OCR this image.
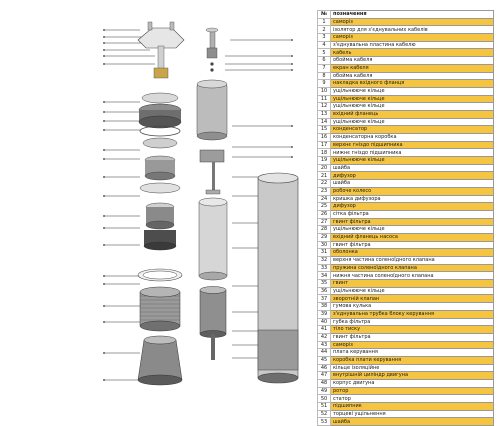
№	позначення
1	саморіз
2	ізолятор для з'єднувальних кабелів
3	саморіз
4	з'єднувальна пластина кабелю
5	кабель
6	обойма кабеля
7	екран кабеля
8	обойма кабеля
9	накладка вхідного фланця
10	ущільнююче кільце
11	ущільнююче кільце
12	ущільнююче кільце
13	вхідний фланець
14	ущільнююче кільце
15	конденсатор
16	конденсаторна коробка
17	верхнє гніздо підшипника
18	нижнє гніздо підшипника
19	ущільнююче кільце
20	шайба
21	дифузор
22	шайба
23	робоче колесо
24	кришка дифузора
25	дифузор
26	сітка фільтра
27	гвинт фільтра
28	ущільнююче кільце
29	вхідний фланець насоса
30	гвинт фільтра
31	оболонка
32	верхня частина соленоїдного клапана
33	пружина соленоїдного клапана
34	нижня частина соленоїдного клапана
35	гвинт
36	ущільнююче кільце
37	зворотній клапан
38	гумова кулька
39	з'єднувальна трубка блоку керування
40	губка фільтра
41	тіло тиску
42	гвинт фільтра
43	саморіз
44	плата керування
45	коробка плати керування
46	кільце ізоляційне
47	внутрішній циліндр двигуна
48	корпус двигуна
49	ротор
50	статор
51	підшипник
52	торцеві ущільнення
53	шайба
